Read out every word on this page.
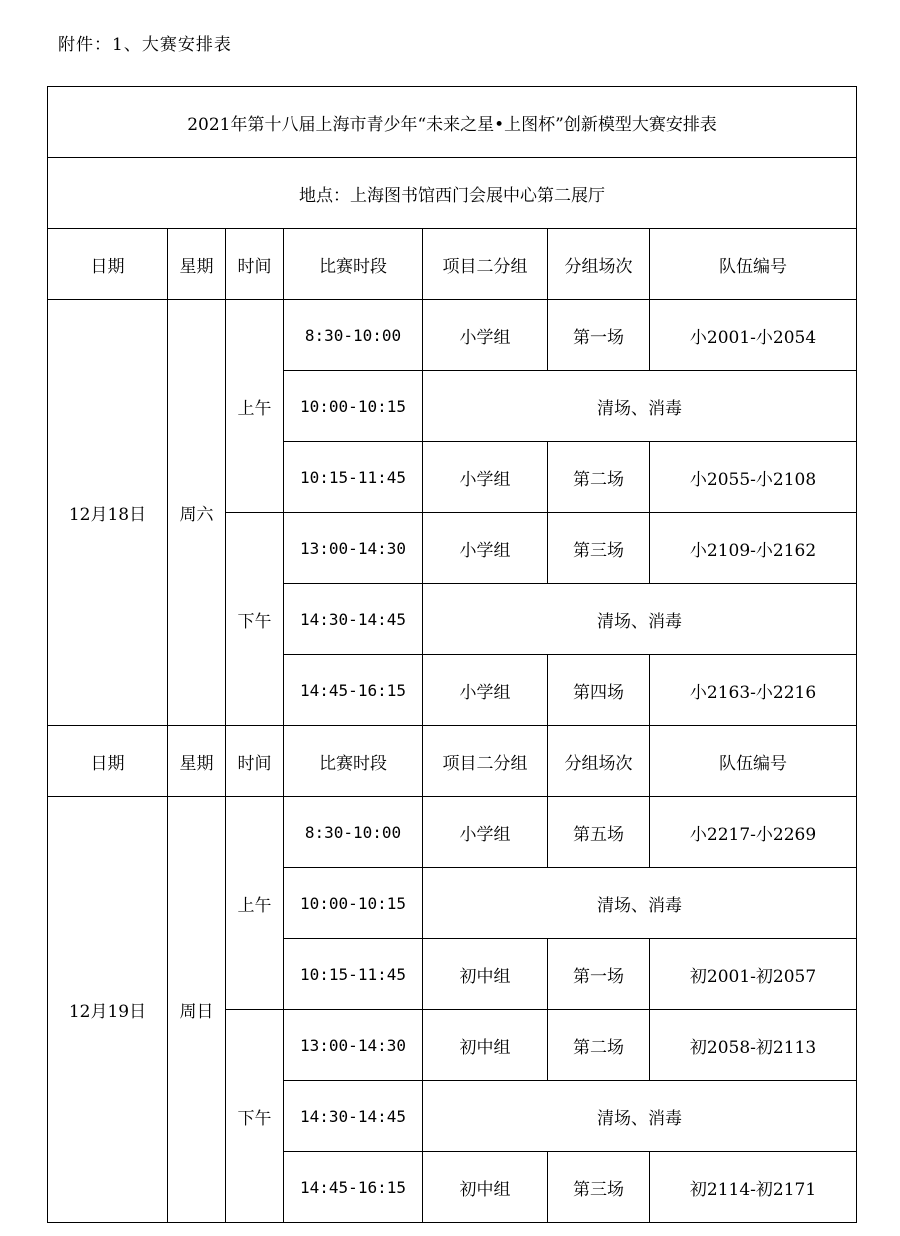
附件：1、大赛安排表
2021年第十八届上海市青少年“未来之星•上图杯”创新模型大赛安排表						
地点：上海图书馆西门会展中心第二展厅						
日期	星期	时间	比赛时段	项目二分组	分组场次	队伍编号
12月18日	周六	上午	8:30-10:00	小学组	第一场	小2001-小2054
			10:00-10:15	清场、消毒		
			10:15-11:45	小学组	第二场	小2055-小2108
		下午	13:00-14:30	小学组	第三场	小2109-小2162
			14:30-14:45	清场、消毒		
			14:45-16:15	小学组	第四场	小2163-小2216
日期	星期	时间	比赛时段	项目二分组	分组场次	队伍编号
12月19日	周日	上午	8:30-10:00	小学组	第五场	小2217-小2269
			10:00-10:15	清场、消毒		
			10:15-11:45	初中组	第一场	初2001-初2057
		下午	13:00-14:30	初中组	第二场	初2058-初2113
			14:30-14:45	清场、消毒		
			14:45-16:15	初中组	第三场	初2114-初2171
